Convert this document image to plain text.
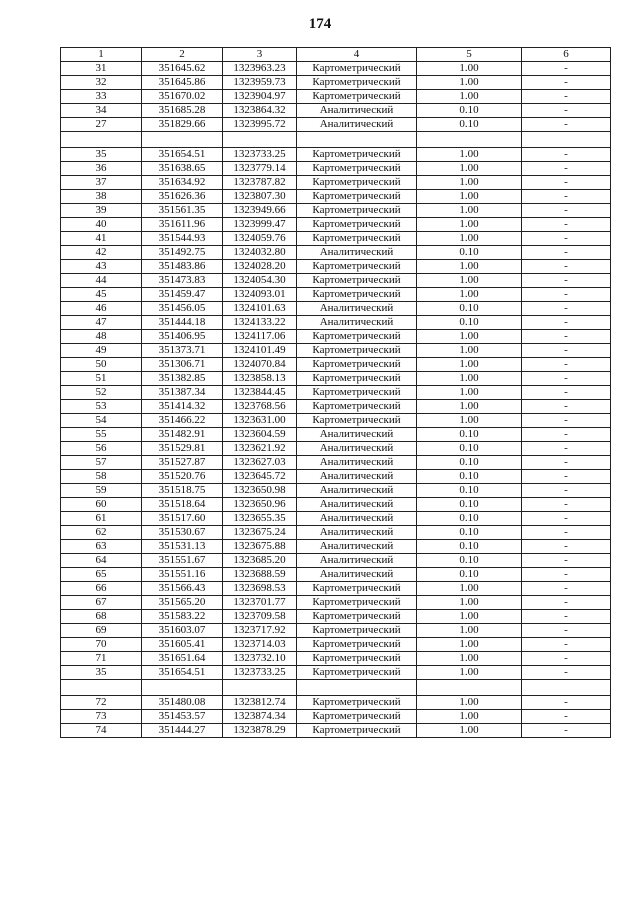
174
1	2	3	4	5	6
31	351645.62	1323963.23	Картометрический	1.00	-
32	351645.86	1323959.73	Картометрический	1.00	-
33	351670.02	1323904.97	Картометрический	1.00	-
34	351685.28	1323864.32	Аналитический	0.10	-
27	351829.66	1323995.72	Аналитический	0.10	-

35	351654.51	1323733.25	Картометрический	1.00	-
36	351638.65	1323779.14	Картометрический	1.00	-
37	351634.92	1323787.82	Картометрический	1.00	-
38	351626.36	1323807.30	Картометрический	1.00	-
39	351561.35	1323949.66	Картометрический	1.00	-
40	351611.96	1323999.47	Картометрический	1.00	-
41	351544.93	1324059.76	Картометрический	1.00	-
42	351492.75	1324032.80	Аналитический	0.10	-
43	351483.86	1324028.20	Картометрический	1.00	-
44	351473.83	1324054.30	Картометрический	1.00	-
45	351459.47	1324093.01	Картометрический	1.00	-
46	351456.05	1324101.63	Аналитический	0.10	-
47	351444.18	1324133.22	Аналитический	0.10	-
48	351406.95	1324117.06	Картометрический	1.00	-
49	351373.71	1324101.49	Картометрический	1.00	-
50	351306.71	1324070.84	Картометрический	1.00	-
51	351382.85	1323858.13	Картометрический	1.00	-
52	351387.34	1323844.45	Картометрический	1.00	-
53	351414.32	1323768.56	Картометрический	1.00	-
54	351466.22	1323631.00	Картометрический	1.00	-
55	351482.91	1323604.59	Аналитический	0.10	-
56	351529.81	1323621.92	Аналитический	0.10	-
57	351527.87	1323627.03	Аналитический	0.10	-
58	351520.76	1323645.72	Аналитический	0.10	-
59	351518.75	1323650.98	Аналитический	0.10	-
60	351518.64	1323650.96	Аналитический	0.10	-
61	351517.60	1323655.35	Аналитический	0.10	-
62	351530.67	1323675.24	Аналитический	0.10	-
63	351531.13	1323675.88	Аналитический	0.10	-
64	351551.67	1323685.20	Аналитический	0.10	-
65	351551.16	1323688.59	Аналитический	0.10	-
66	351566.43	1323698.53	Картометрический	1.00	-
67	351565.20	1323701.77	Картометрический	1.00	-
68	351583.22	1323709.58	Картометрический	1.00	-
69	351603.07	1323717.92	Картометрический	1.00	-
70	351605.41	1323714.03	Картометрический	1.00	-
71	351651.64	1323732.10	Картометрический	1.00	-
35	351654.51	1323733.25	Картометрический	1.00	-

72	351480.08	1323812.74	Картометрический	1.00	-
73	351453.57	1323874.34	Картометрический	1.00	-
74	351444.27	1323878.29	Картометрический	1.00	-
